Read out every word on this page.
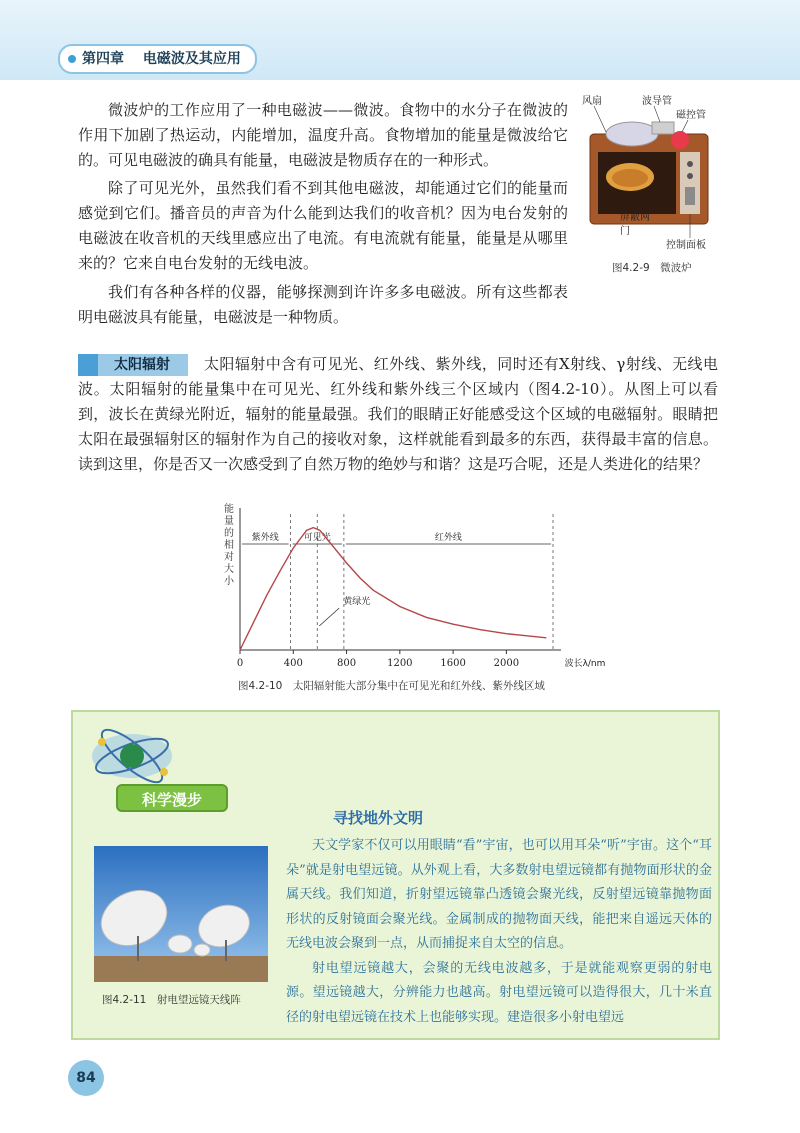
第四章 电磁波及其应用

微波炉的工作应用了一种电磁波——微波。食物中的水分子在微波的作用下加剧了热运动，内能增加，温度升高。食物增加的能量是微波给它的。可见电磁波的确具有能量，电磁波是物质存在的一种形式。

除了可见光外，虽然我们看不到其他电磁波，却能通过它们的能量而感觉到它们。播音员的声音为什么能到达我们的收音机？因为电台发射的电磁波在收音机的天线里感应出了电流。有电流就有能量，能量是从哪里来的？它来自电台发射的无线电波。

我们有各种各样的仪器，能够探测到许许多多电磁波。所有这些都表明电磁波具有能量，电磁波是一种物质。

风扇	波导管
磁控管
屏蔽网
门
控制面板
图4.2-9　微波炉
太阳辐射	太阳辐射中含有可见光、红外线、紫外线，同时还有X射线、γ射线、无线电波。太阳辐射的能量集中在可见光、红外线和紫外线三个区域内（图4.2-10）。从图上可以看到，波长在黄绿光附近，辐射的能量最强。我们的眼睛正好能感受这个区域的电磁辐射。眼睛把太阳在最强辐射区的辐射作为自己的接收对象，这样就能看到最多的东西，获得最丰富的信息。读到这里，你是否又一次感受到了自然万物的绝妙与和谐？这是巧合呢，还是人类进化的结果？

能
量
的
相
对
大
小
0	400	800	1200	1600	2000	波长λ/nm
紫外线	可见光	红外线
黄绿光
图4.2-10　太阳辐射能大部分集中在可见光和红外线、紫外线区域
科学漫步
寻找地外文明

天文学家不仅可以用眼睛“看”宇宙，也可以用耳朵“听”宇宙。这个“耳朵”就是射电望远镜。从外观上看，大多数射电望远镜都有抛物面形状的金属天线。我们知道，折射望远镜靠凸透镜会聚光线，反射望远镜靠抛物面形状的反射镜面会聚光线。金属制成的抛物面天线，能把来自遥远天体的无线电波会聚到一点，从而捕捉来自太空的信息。

射电望远镜越大，会聚的无线电波越多，于是就能观察更弱的射电源。望远镜越大，分辨能力也越高。射电望远镜可以造得很大，几十米直径的射电望远镜在技术上也能够实现。建造很多小射电望远

图4.2-11　射电望远镜天线阵
84
